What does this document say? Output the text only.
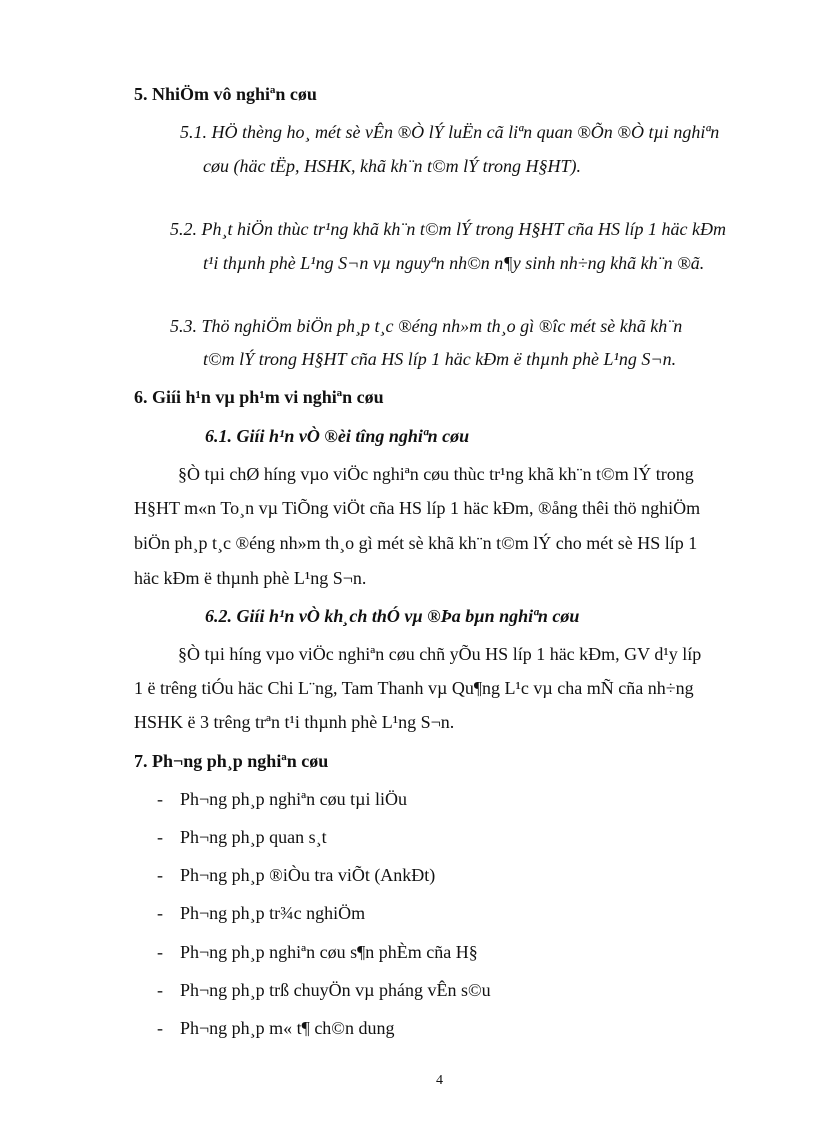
5. NhiÖm vô nghiªn cøu
5.1. HÖ thèng ho¸ mét sè vÊn ®Ò lÝ luËn cã liªn quan ®Õn ®Ò tµi nghiªn
cøu (häc tËp, HSHK, khã kh¨n t©m lÝ trong H§HT).
5.2. Ph¸t hiÖn thùc tr¹ng khã kh¨n t©m lÝ trong H§HT cña HS líp 1 häc kÐm
t¹i thµnh phè L¹ng S¬n vµ nguyªn nh©n n¶y sinh nh÷ng khã kh¨n ®ã.
5.3. Thö nghiÖm biÖn ph¸p t¸c ®éng nh»m th¸o gì ®îc mét sè khã kh¨n
t©m lÝ trong H§HT cña HS líp 1 häc kÐm ë thµnh phè L¹ng S¬n.
6. Giíi h¹n vµ ph¹m vi nghiªn cøu
6.1. Giíi h¹n vÒ ®èi tîng nghiªn cøu
§Ò tµi chØ híng vµo viÖc nghiªn cøu thùc tr¹ng khã kh¨n t©m lÝ trong
H§HT m«n To¸n vµ TiÕng viÖt cña HS líp 1 häc kÐm, ®ång thêi thö nghiÖm
biÖn ph¸p t¸c ®éng nh»m th¸o gì mét sè khã kh¨n t©m lÝ cho mét sè HS líp 1
häc kÐm ë thµnh phè L¹ng S¬n.
6.2. Giíi h¹n vÒ kh¸ch thÓ vµ ®Þa bµn nghiªn cøu
§Ò tµi híng vµo viÖc nghiªn cøu chñ yÕu HS líp 1 häc kÐm, GV d¹y líp
1 ë trêng tiÓu häc Chi L¨ng, Tam Thanh vµ Qu¶ng L¹c vµ cha mÑ cña nh÷ng
HSHK ë 3 trêng trªn t¹i thµnh phè L¹ng S¬n.
7. Ph¬ng ph¸p nghiªn cøu
- Ph¬ng ph¸p nghiªn cøu tµi liÖu
- Ph¬ng ph¸p quan s¸t
- Ph¬ng ph¸p ®iÒu tra viÕt (AnkÐt)
- Ph¬ng ph¸p tr¾c nghiÖm
- Ph¬ng ph¸p nghiªn cøu s¶n phÈm cña H§
- Ph¬ng ph¸p trß chuyÖn vµ pháng vÊn s©u
- Ph¬ng ph¸p m« t¶ ch©n dung
4
